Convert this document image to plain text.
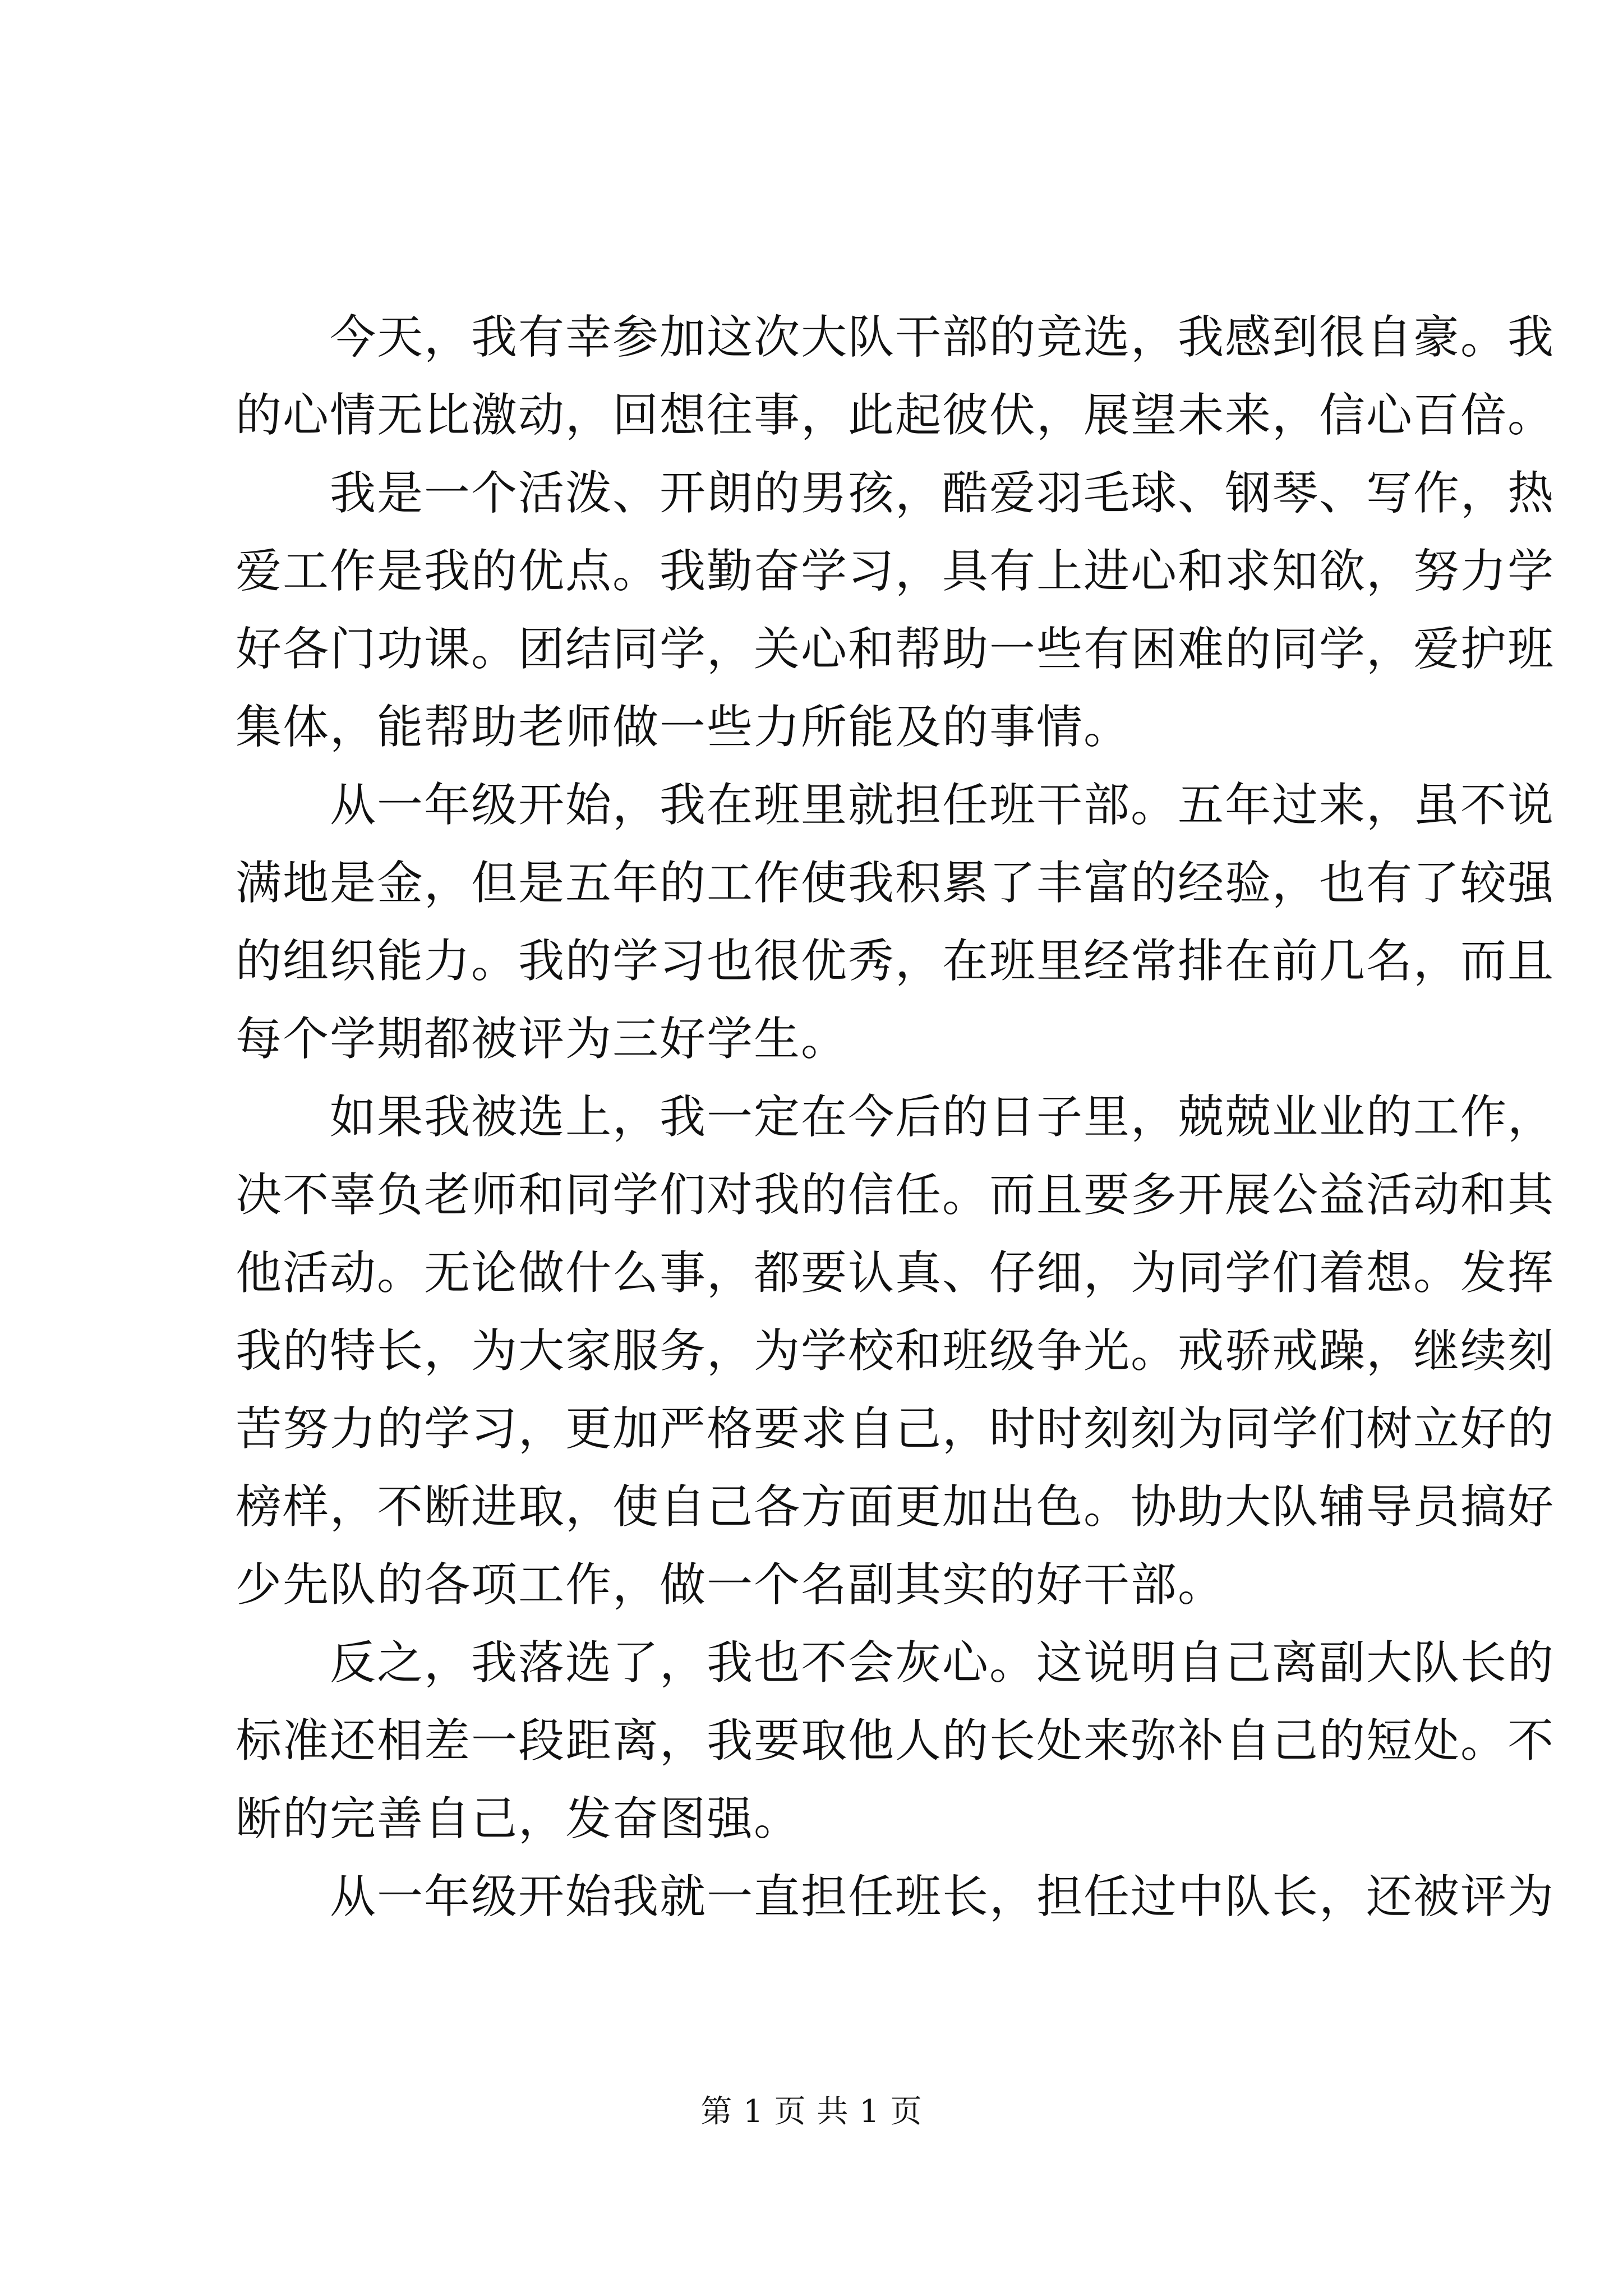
　　今天，我有幸参加这次大队干部的竞选，我感到很自豪。我
的心情无比激动，回想往事，此起彼伏，展望未来，信心百倍。
　　我是一个活泼、开朗的男孩，酷爱羽毛球、钢琴、写作，热
爱工作是我的优点。我勤奋学习，具有上进心和求知欲，努力学
好各门功课。团结同学，关心和帮助一些有困难的同学，爱护班
集体，能帮助老师做一些力所能及的事情。
　　从一年级开始，我在班里就担任班干部。五年过来，虽不说
满地是金，但是五年的工作使我积累了丰富的经验，也有了较强
的组织能力。我的学习也很优秀，在班里经常排在前几名，而且
每个学期都被评为三好学生。
　　如果我被选上，我一定在今后的日子里，兢兢业业的工作，
决不辜负老师和同学们对我的信任。而且要多开展公益活动和其
他活动。无论做什么事，都要认真、仔细，为同学们着想。发挥
我的特长，为大家服务，为学校和班级争光。戒骄戒躁，继续刻
苦努力的学习，更加严格要求自己，时时刻刻为同学们树立好的
榜样，不断进取，使自己各方面更加出色。协助大队辅导员搞好
少先队的各项工作，做一个名副其实的好干部。
　　反之，我落选了，我也不会灰心。这说明自己离副大队长的
标准还相差一段距离，我要取他人的长处来弥补自己的短处。不
断的完善自己，发奋图强。
　　从一年级开始我就一直担任班长，担任过中队长，还被评为
第 1 页 共 1 页
